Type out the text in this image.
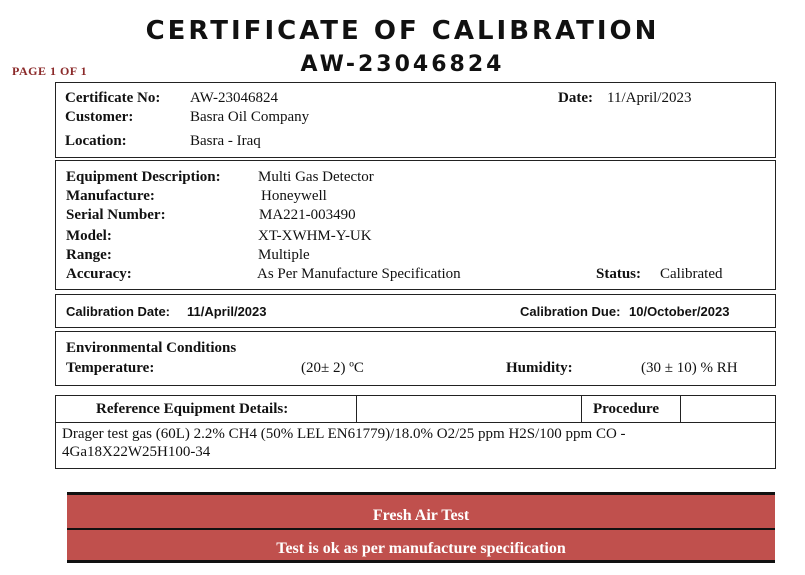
CERTIFICATE OF CALIBRATION
AW-23046824
PAGE 1 OF 1
Certificate No: AW-23046824	Date: 11/April/2023
Customer:	Basra Oil Company
Location:	Basra - Iraq
Equipment Description: Multi Gas Detector
Manufacture:	Honeywell
Serial Number:	MA221-003490
Model:	XT-XWHM-Y-UK
Range:	Multiple
Accuracy:	As Per Manufacture Specification	Status: Calibrated
Calibration Date: 11/April/2023	Calibration Due: 10/October/2023
Environmental Conditions
Temperature:	(20± 2) ºC	Humidity:	(30 ± 10) % RH
Reference Equipment Details:	Procedure
Drager test gas (60L) 2.2% CH4 (50% LEL EN61779)/18.0% O2/25 ppm H2S/100 ppm CO -
4Ga18X22W25H100-34
Fresh Air Test
Test is ok as per manufacture specification
